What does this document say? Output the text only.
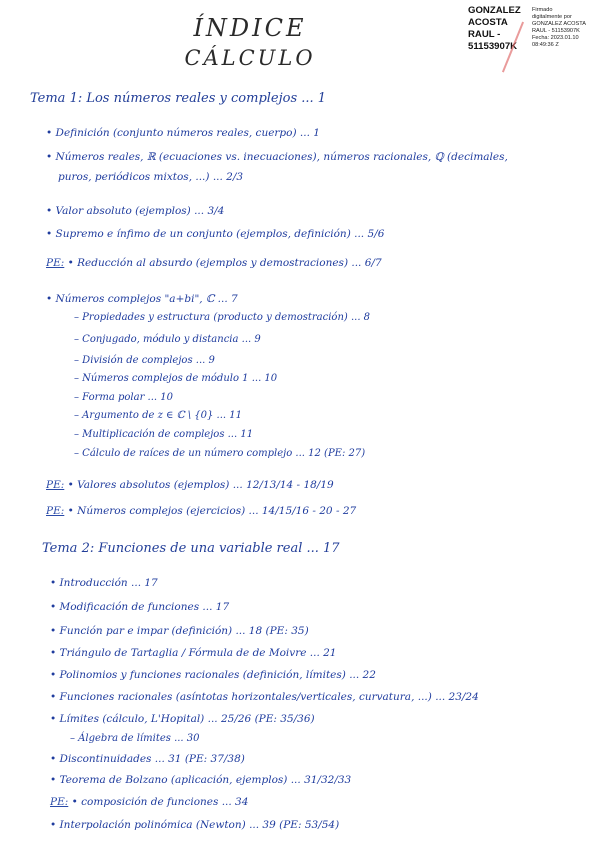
ÍNDICE
CÁLCULO
GONZALEZ
ACOSTA
RAUL -
51153907K
Firmado
digitalmente por
GONZALEZ ACOSTA
RAUL - 51153907K
Fecha: 2023.01.10
08:49:36 Z
Tema 1: Los números reales y complejos ... 1
• Definición (conjunto números reales, cuerpo) ... 1
• Números reales, ℝ (ecuaciones vs. inecuaciones), números racionales, ℚ (decimales,
puros, periódicos mixtos, ...) ... 2/3
• Valor absoluto (ejemplos) ... 3/4
• Supremo e ínfimo de un conjunto (ejemplos, definición) ... 5/6
PE: • Reducción al absurdo (ejemplos y demostraciones) ... 6/7
• Números complejos "a+bi", ℂ ... 7
– Propiedades y estructura (producto y demostración) ... 8
– Conjugado, módulo y distancia ... 9
– División de complejos ... 9
– Números complejos de módulo 1 ... 10
– Forma polar ... 10
– Argumento de z ∈ ℂ \ {0} ... 11
– Multiplicación de complejos ... 11
– Cálculo de raíces de un número complejo ... 12 (PE: 27)
PE: • Valores absolutos (ejemplos) ... 12/13/14 - 18/19
PE: • Números complejos (ejercicios) ... 14/15/16 - 20 - 27
Tema 2: Funciones de una variable real ... 17
• Introducción ... 17
• Modificación de funciones ... 17
• Función par e impar (definición) ... 18 (PE: 35)
• Triángulo de Tartaglia / Fórmula de de Moivre ... 21
• Polinomios y funciones racionales (definición, límites) ... 22
• Funciones racionales (asíntotas horizontales/verticales, curvatura, ...) ... 23/24
• Límites (cálculo, L'Hopital) ... 25/26 (PE: 35/36)
– Álgebra de límites ... 30
• Discontinuidades ... 31 (PE: 37/38)
• Teorema de Bolzano (aplicación, ejemplos) ... 31/32/33
PE: • composición de funciones ... 34
• Interpolación polinómica (Newton) ... 39 (PE: 53/54)
